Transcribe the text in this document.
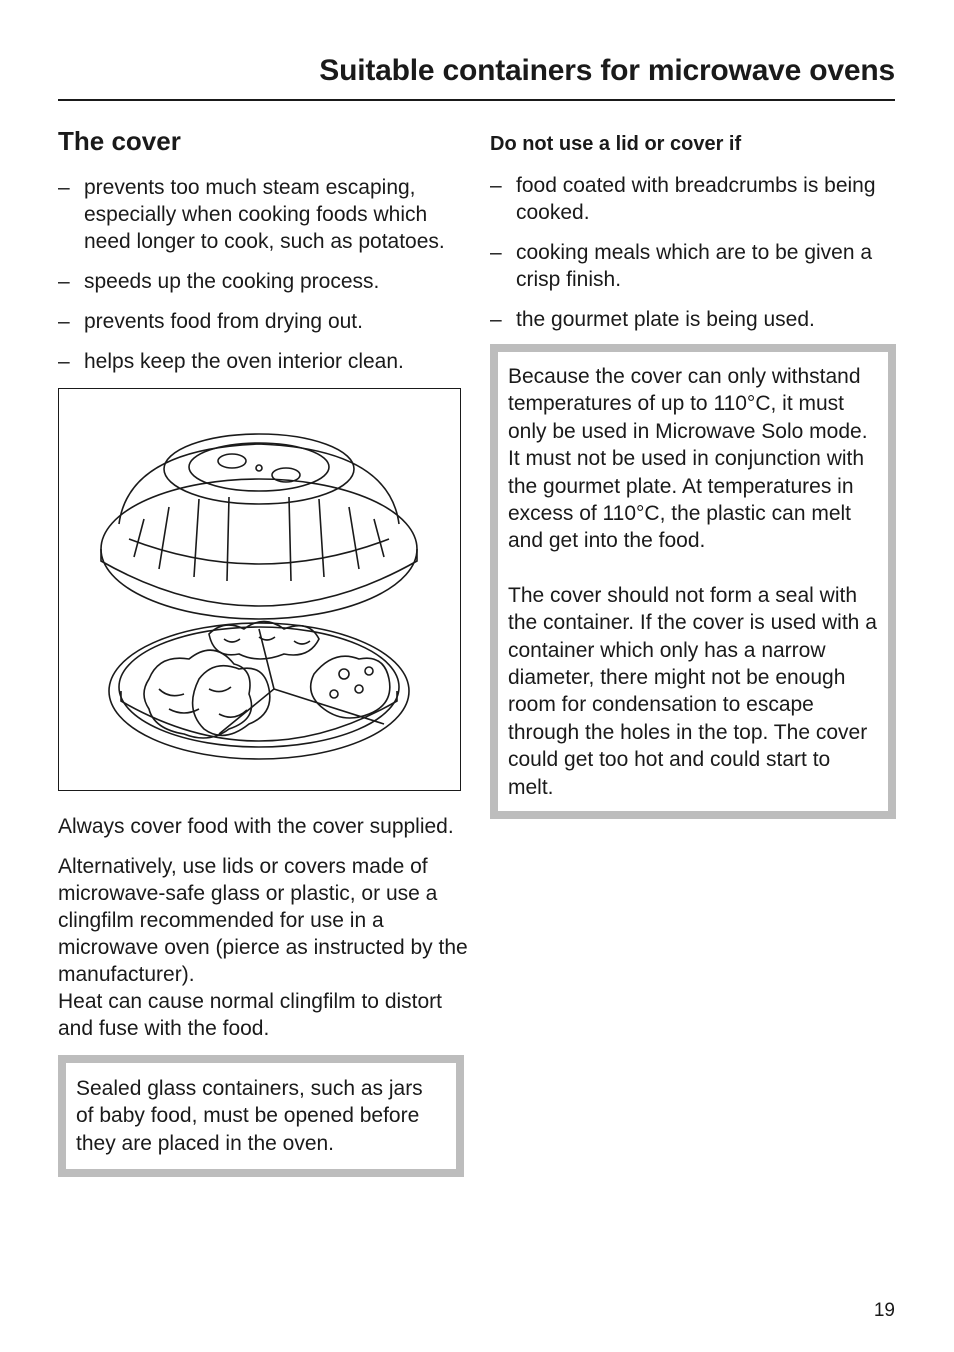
Suitable containers for microwave ovens
The cover
– prevents too much steam escaping, especially when cooking foods which need longer to cook, such as potatoes.
– speeds up the cooking process.
– prevents food from drying out.
– helps keep the oven interior clean.

Always cover food with the cover supplied.

Alternatively, use lids or covers made of microwave-safe glass or plastic, or use a clingfilm recommended for use in a microwave oven (pierce as instructed by the manufacturer).

Heat can cause normal clingfilm to distort and fuse with the food.

Sealed glass containers, such as jars of baby food, must be opened before they are placed in the oven.

Do not use a lid or cover if
– food coated with breadcrumbs is being cooked.
– cooking meals which are to be given a crisp finish.
– the gourmet plate is being used.

Because the cover can only withstand temperatures of up to 110°C, it must only be used in Microwave Solo mode. It must not be used in conjunction with the gourmet plate. At temperatures in excess of 110°C, the plastic can melt and get into the food.

The cover should not form a seal with the container. If the cover is used with a container which only has a narrow diameter, there might not be enough room for condensation to escape through the holes in the top. The cover could get too hot and could start to melt.

19
